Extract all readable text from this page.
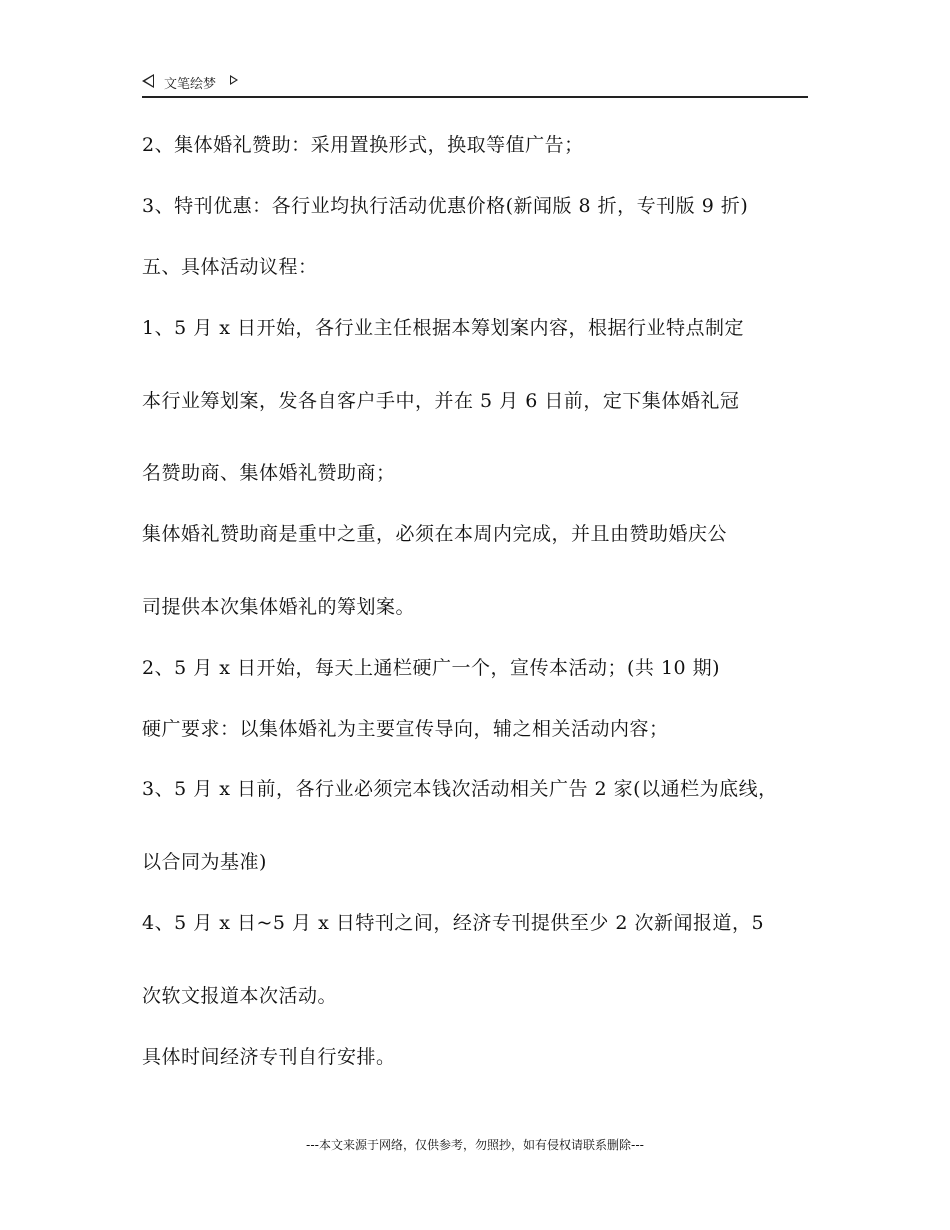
文笔绘梦
2、集体婚礼赞助：采用置换形式，换取等值广告；
3、特刊优惠：各行业均执行活动优惠价格(新闻版 8 折，专刊版 9 折)
五、具体活动议程：
1、5 月 x 日开始，各行业主任根据本筹划案内容，根据行业特点制定
本行业筹划案，发各自客户手中，并在 5 月 6 日前，定下集体婚礼冠
名赞助商、集体婚礼赞助商；
集体婚礼赞助商是重中之重，必须在本周内完成，并且由赞助婚庆公
司提供本次集体婚礼的筹划案。
2、5 月 x 日开始，每天上通栏硬广一个，宣传本活动；(共 10 期)
硬广要求：以集体婚礼为主要宣传导向，辅之相关活动内容；
3、5 月 x 日前，各行业必须完本钱次活动相关广告 2 家(以通栏为底线，
以合同为基准)
4、5 月 x 日~5 月 x 日特刊之间，经济专刊提供至少 2 次新闻报道，5
次软文报道本次活动。
具体时间经济专刊自行安排。
---本文来源于网络，仅供参考，勿照抄，如有侵权请联系删除---
